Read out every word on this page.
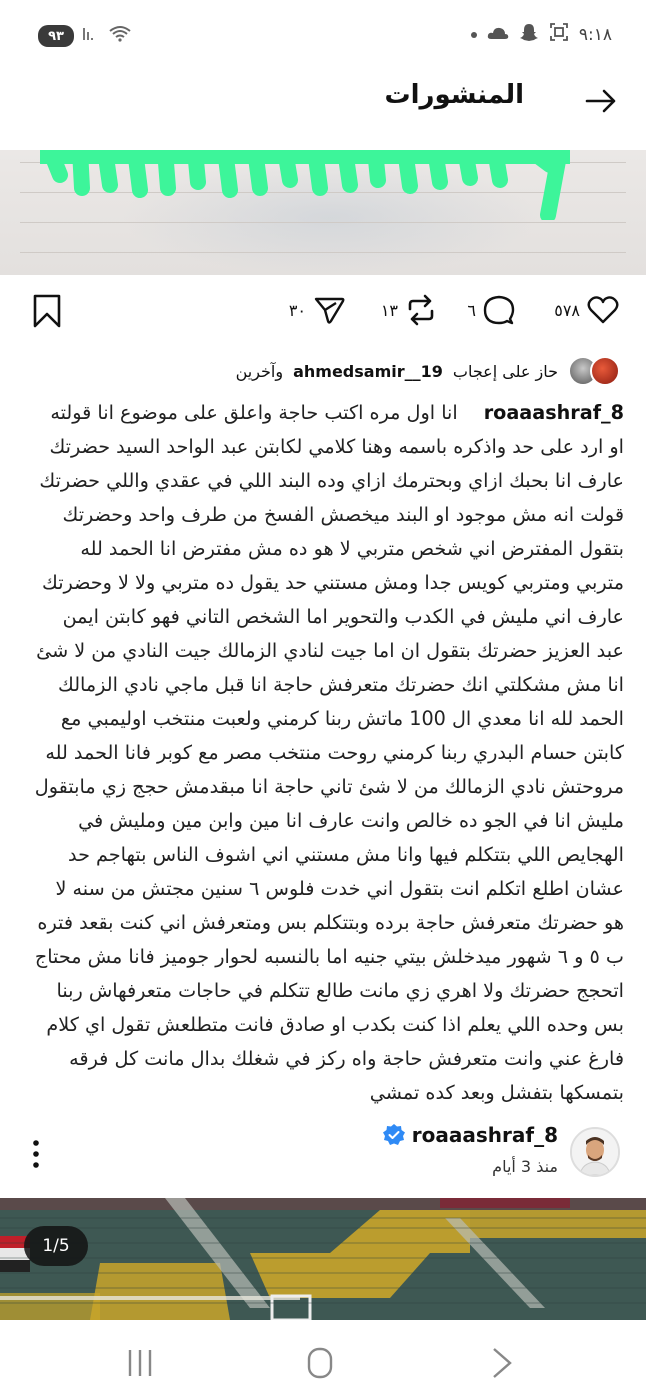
٩٣	٩:١٨
المنشورات
٥٧٨
٦
١٣
٣٠
حاز على إعجاب
ahmedsamir__19
وآخرين
roaaashraf_8انا اول مره اكتب حاجة واعلق على موضوع انا قولته او ارد على حد واذكره باسمه وهنا كلامي لكابتن عبد الواحد السيد حضرتك عارف انا بحبك ازاي وبحترمك ازاي وده البند اللي في عقدي واللي حضرتك قولت انه مش موجود او البند ميخصش الفسخ من طرف واحد وحضرتك بتقول المفترض اني شخص متربي لا هو ده مش مفترض انا الحمد لله متربي ومتربي كويس جدا ومش مستني حد يقول ده متربي ولا لا وحضرتك عارف اني مليش في الكدب والتحوير اما الشخص التاني فهو كابتن ايمن عبد العزيز حضرتك بتقول ان اما جيت لنادي الزمالك جيت النادي من لا شئ انا مش مشكلتي انك حضرتك متعرفش حاجة انا قبل ماجي نادي الزمالك الحمد لله انا معدي ال 100 ماتش ربنا كرمني ولعبت منتخب اوليمبي مع كابتن حسام البدري ربنا كرمني روحت منتخب مصر مع كوبر فانا الحمد لله مروحتش نادي الزمالك من لا شئ تاني حاجة انا مبقدمش حجج زي مابتقول مليش انا في الجو ده خالص وانت عارف انا مين وابن مين ومليش في الهجايص اللي بتتكلم فيها وانا مش مستني اني اشوف الناس بتهاجم حد عشان اطلع اتكلم انت بتقول اني خدت فلوس ٦ سنين مجتش من سنه لا هو حضرتك متعرفش حاجة برده وبتتكلم بس ومتعرفش اني كنت بقعد فتره ب ٥ و ٦ شهور ميدخلش بيتي جنيه اما بالنسبه لحوار جوميز فانا مش محتاج اتحجج حضرتك ولا اهري زي مانت طالع تتكلم في حاجات متعرفهاش ربنا بس وحده اللي يعلم اذا كنت بكدب او صادق فانت متطلعش تقول اي كلام فارغ عني وانت متعرفش حاجة واه ركز في شغلك بدال مانت كل فرقه بتمسكها بتفشل وبعد كده تمشي
roaaashraf_8
منذ 3 أيام
1/5
